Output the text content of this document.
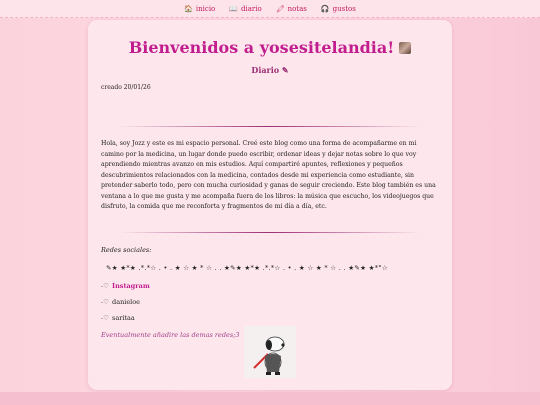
🏠 inicio 📖 diario 🖍 notas 🎧 gustos
Bienvenidos a yosesitelandia!
Diario ✎
creado 20/01/26
Hola, soy Jozz y este es mi espacio personal. Creé este blog como una forma de acompañarme en mi camino por la medicina, un lugar donde puedo escribir, ordenar ideas y dejar notas sobre lo que voy aprendiendo mientras avanzo en mis estudios. Aquí compartiré apuntes, reflexiones y pequeños descubrimientos relacionados con la medicina, contados desde mi experiencia como estudiante, sin pretender saberlo todo, pero con mucha curiosidad y ganas de seguir creciendo. Este blog también es una ventana a lo que me gusta y me acompaña fuera de los libros: la música que escucho, los videojuegos que disfruto, la comida que me reconforta y fragmentos de mi día a día, etc.
Redes sociales:
✎★ ★*★ .*.*☆ . • . ★ ☆ ★ * ☆ . . ★✎★ ★*★ .*.*☆ . • . ★ ☆ ★ * ☆ . . ★✎★ ★*°☆
-♡ Instagram
-♡ danieloe
-♡ saritaa
Eventualmente añadire las demas redes;3
